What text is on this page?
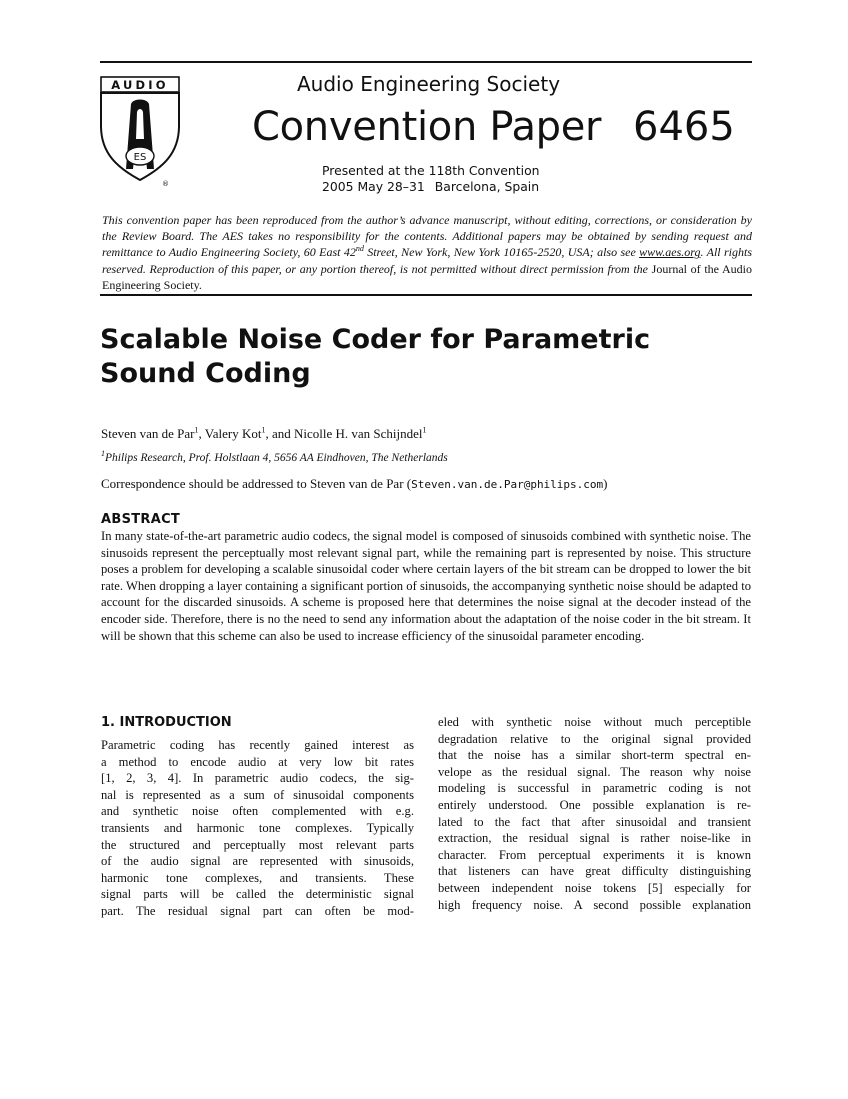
AUDIO
ES
®
Audio Engineering Society
Convention Paper 6465
Presented at the 118th Convention
2005 May 28–31 Barcelona, Spain
This convention paper has been reproduced from the author’s advance manuscript, without editing, corrections, or consideration by the Review Board. The AES takes no responsibility for the contents. Additional papers may be obtained by sending request and remittance to Audio Engineering Society, 60 East 42nd Street, New York, New York 10165-2520, USA; also see www.aes.org. All rights reserved. Reproduction of this paper, or any portion thereof, is not permitted without direct permission from the Journal of the Audio Engineering Society.
Scalable Noise Coder for Parametric Sound Coding
Steven van de Par$^1$, Valery Kot$^1$, and Nicolle H. van Schijndel$^1$
$^1$Philips Research, Prof. Holstlaan 4, 5656 AA Eindhoven, The Netherlands
Correspondence should be addressed to Steven van de Par (Steven.van.de.Par@philips.com)
ABSTRACT
In many state-of-the-art parametric audio codecs, the signal model is composed of sinusoids combined with synthetic noise. The sinusoids represent the perceptually most relevant signal part, while the remaining part is represented by noise. This structure poses a problem for developing a scalable sinusoidal coder where certain layers of the bit stream can be dropped to lower the bit rate. When dropping a layer containing a significant portion of sinusoids, the accompanying synthetic noise should be adapted to account for the discarded sinusoids. A scheme is proposed here that determines the noise signal at the decoder instead of the encoder side. Therefore, there is no the need to send any information about the adaptation of the noise coder in the bit stream. It will be shown that this scheme can also be used to increase efficiency of the sinusoidal parameter encoding.
1. INTRODUCTION
Parametric coding has recently gained interest as
a method to encode audio at very low bit rates
[1, 2, 3, 4]. In parametric audio codecs, the sig-
nal is represented as a sum of sinusoidal components
and synthetic noise often complemented with e.g.
transients and harmonic tone complexes. Typically
the structured and perceptually most relevant parts
of the audio signal are represented with sinusoids,
harmonic tone complexes, and transients. These
signal parts will be called the deterministic signal
part. The residual signal part can often be mod-
eled with synthetic noise without much perceptible
degradation relative to the original signal provided
that the noise has a similar short-term spectral en-
velope as the residual signal. The reason why noise
modeling is successful in parametric coding is not
entirely understood. One possible explanation is re-
lated to the fact that after sinusoidal and transient
extraction, the residual signal is rather noise-like in
character. From perceptual experiments it is known
that listeners can have great difficulty distinguishing
between independent noise tokens [5] especially for
high frequency noise. A second possible explanation
